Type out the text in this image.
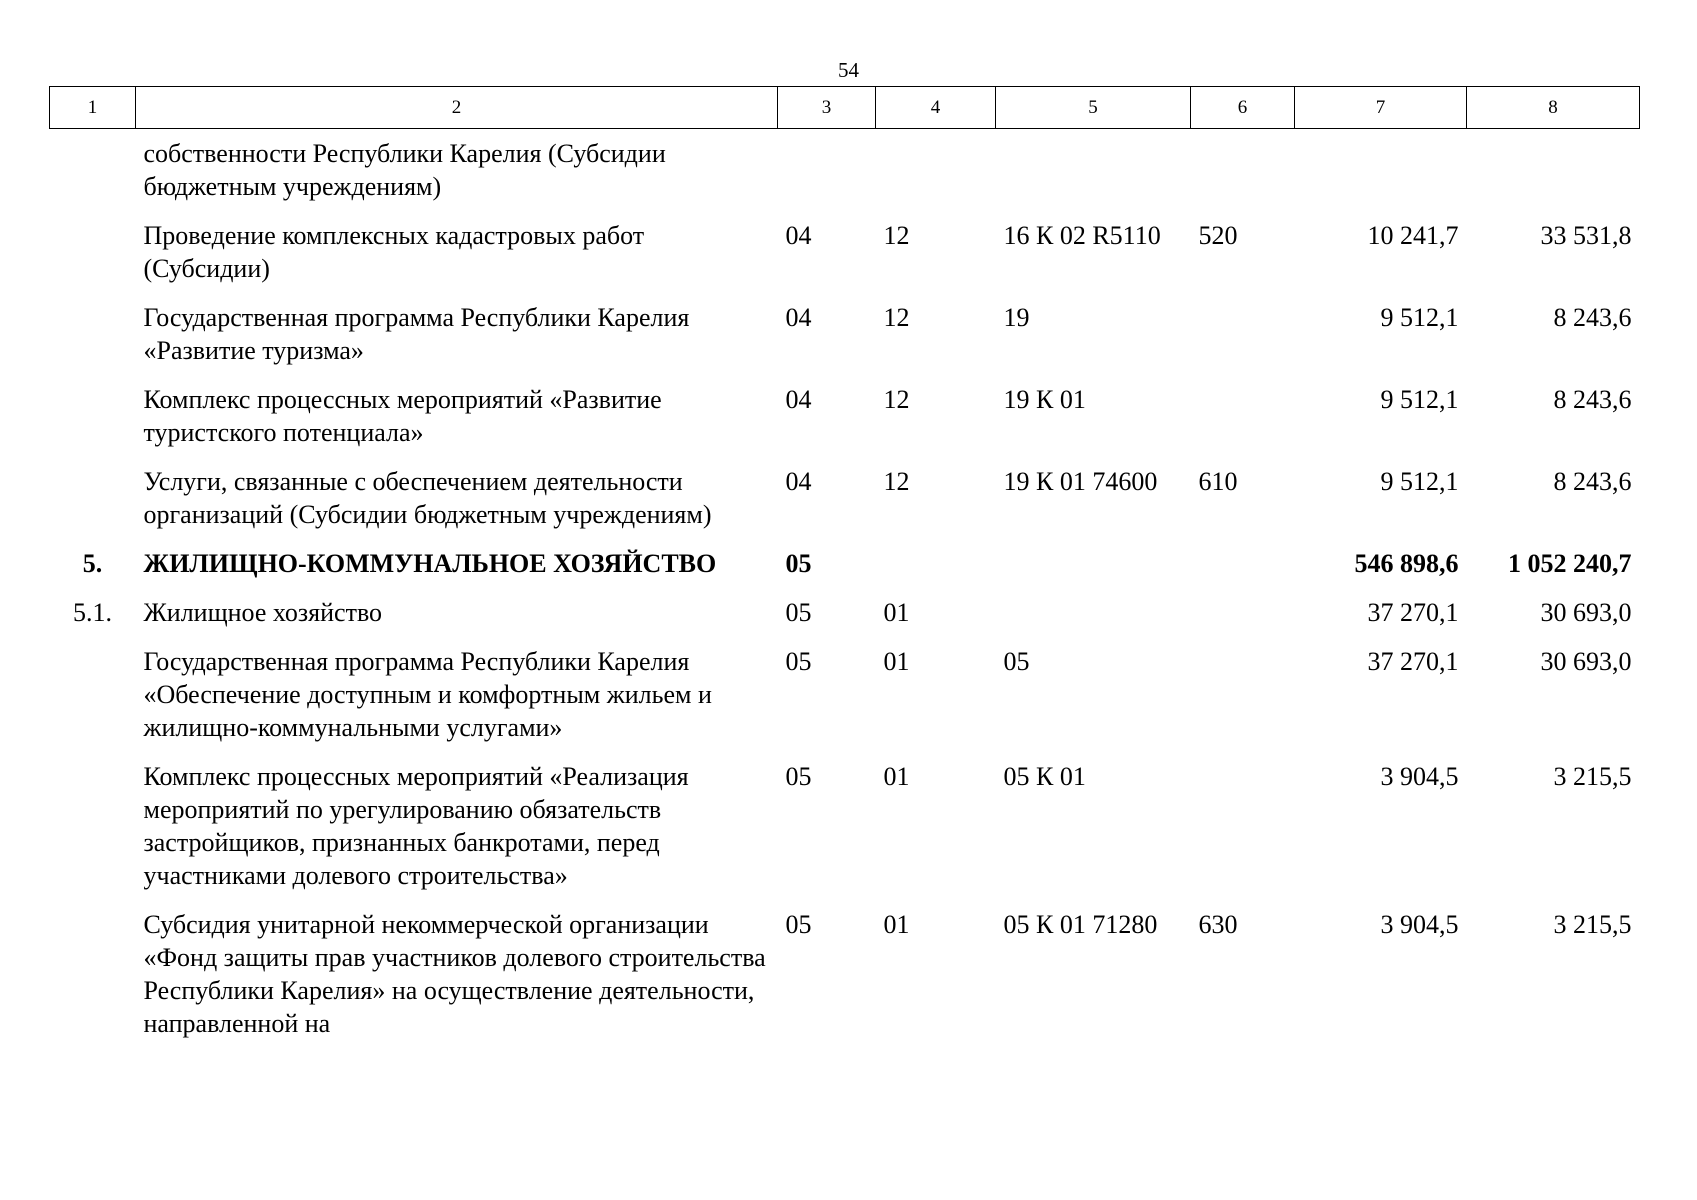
54
1	2	3	4	5	6	7	8
	собственности Республики Карелия (Субсидии бюджетным учреждениям)						
	Проведение комплексных кадастровых работ (Субсидии)	04	12	16 К 02 R5110	520	10 241,7	33 531,8
	Государственная программа Республики Карелия «Развитие туризма»	04	12	19		9 512,1	8 243,6
	Комплекс процессных мероприятий «Развитие туристского потенциала»	04	12	19 К 01		9 512,1	8 243,6
	Услуги, связанные с обеспечением деятельности организаций (Субсидии бюджетным учреждениям)	04	12	19 К 01 74600	610	9 512,1	8 243,6
5.	ЖИЛИЩНО-КОММУНАЛЬНОЕ ХОЗЯЙСТВО	05				546 898,6	1 052 240,7
5.1.	Жилищное хозяйство	05	01			37 270,1	30 693,0
	Государственная программа Республики Карелия «Обеспечение доступным и комфортным жильем и жилищно-коммунальными услугами»	05	01	05		37 270,1	30 693,0
	Комплекс процессных мероприятий «Реализация мероприятий по урегулированию обязательств застройщиков, признанных банкротами, перед участниками долевого строительства»	05	01	05 К 01		3 904,5	3 215,5
	Субсидия унитарной некоммерческой организации «Фонд защиты прав участников долевого строительства Республики Карелия» на осуществление деятельности, направленной на	05	01	05 К 01 71280	630	3 904,5	3 215,5
